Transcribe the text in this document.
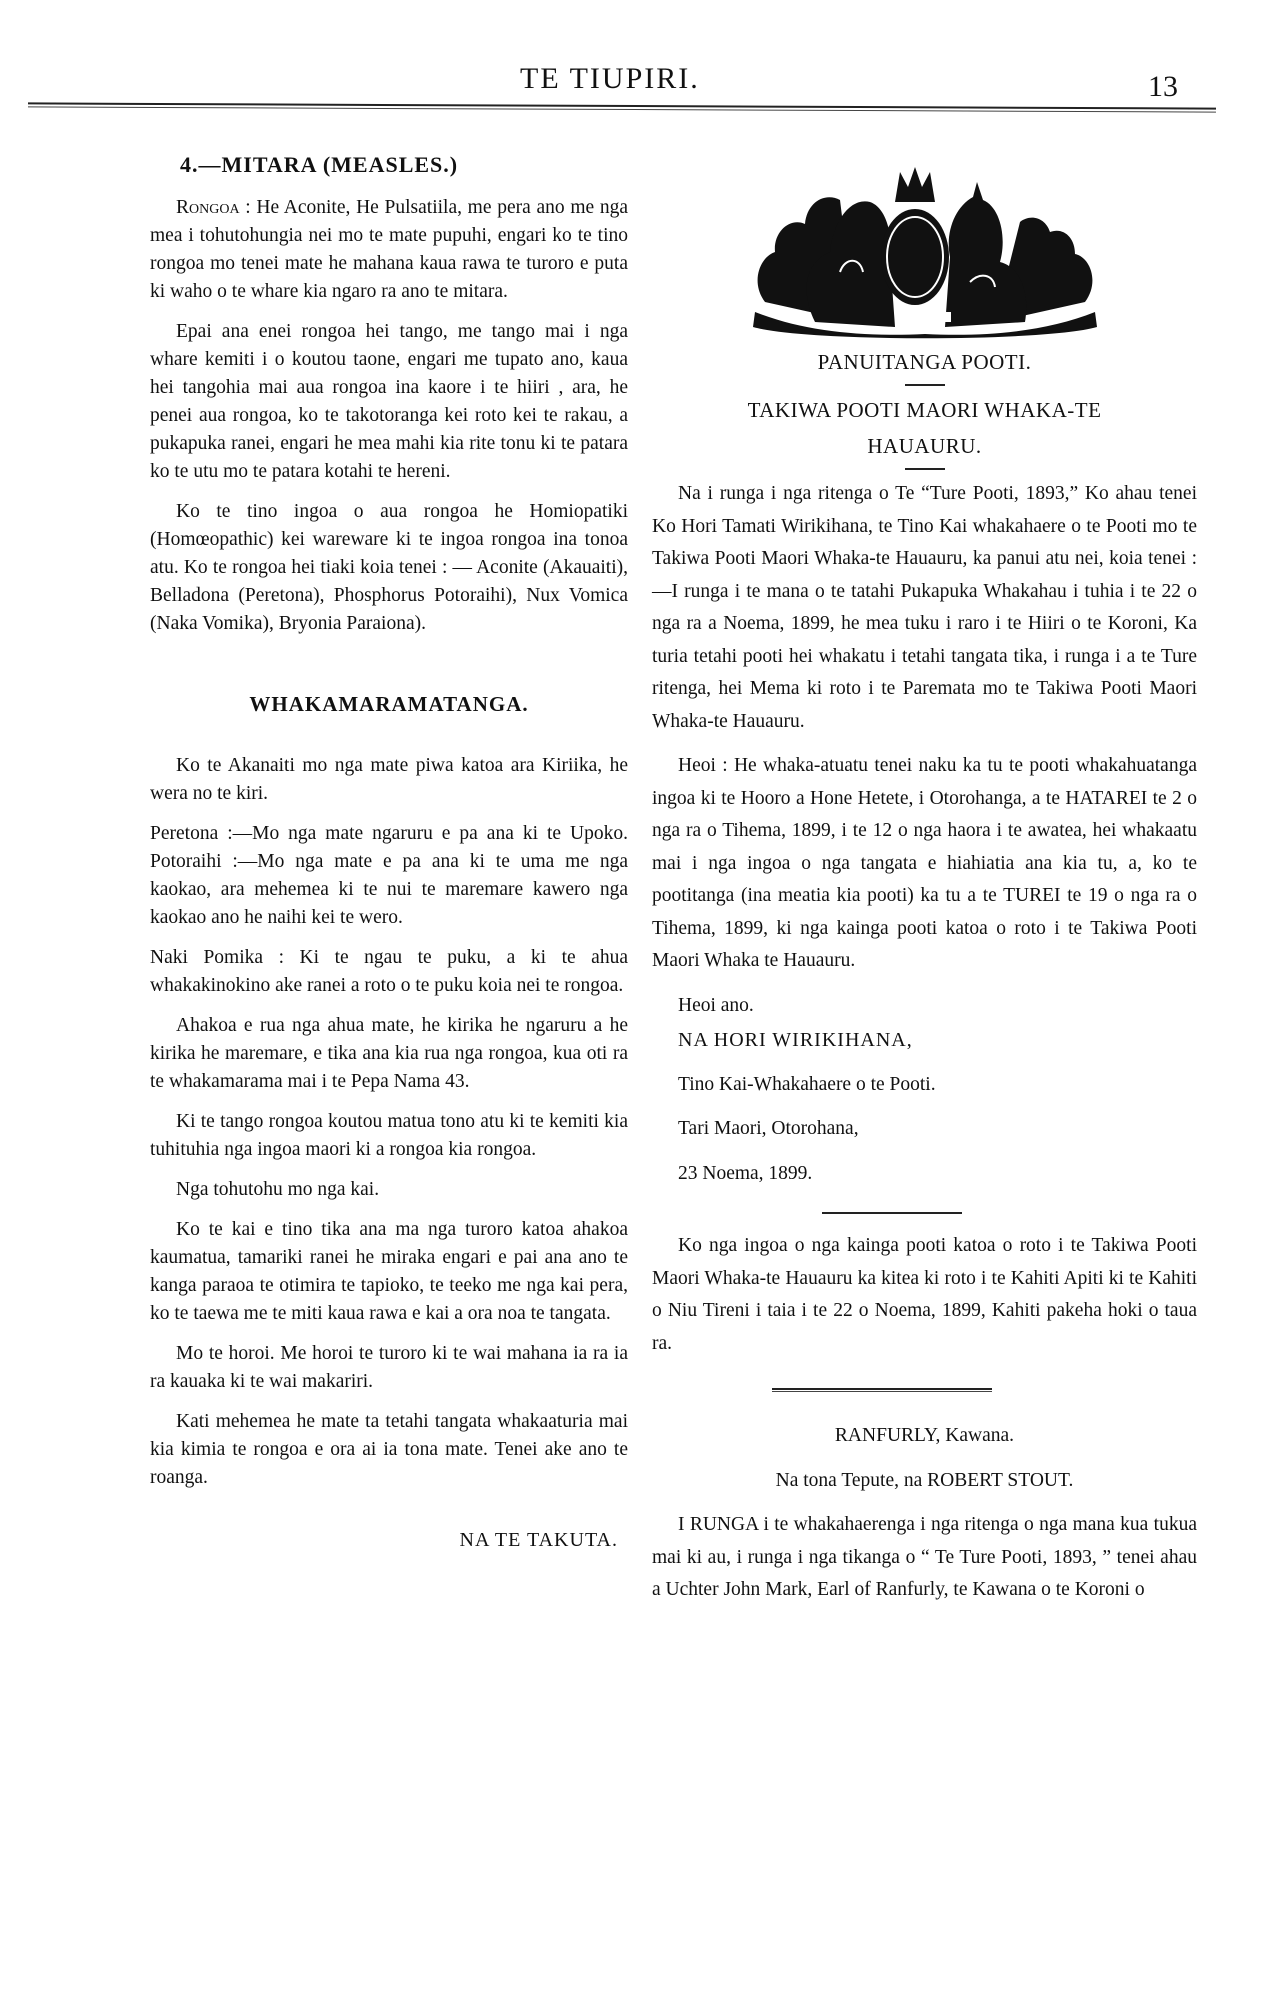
TE TIUPIRI.	13
4.—MITARA (MEASLES.)

Rongoa : He Aconite, He Pulsatiila, me pera ano me nga mea i tohutohungia nei mo te mate pupuhi, engari ko te tino rongoa mo tenei mate he mahana kaua rawa te turoro e puta ki waho o te whare kia ngaro ra ano te mitara.

Epai ana enei rongoa hei tango, me tango mai i nga whare kemiti i o koutou taone, engari me tupato ano, kaua hei tangohia mai aua rongoa ina kaore i te hiiri , ara, he penei aua rongoa, ko te takotoranga kei roto kei te rakau, a pukapuka ranei, engari he mea mahi kia rite tonu ki te patara ko te utu mo te patara kotahi te hereni.

Ko te tino ingoa o aua rongoa he Homiopatiki (Homœopathic) kei wareware ki te ingoa rongoa ina tonoa atu. Ko te rongoa hei tiaki koia tenei : — Aconite (Akauaiti), Belladona (Peretona), Phosphorus Potoraihi), Nux Vomica (Naka Vomika), Bryonia Paraiona).

WHAKAMARAMATANGA.

Ko te Akanaiti mo nga mate piwa katoa ara Kiriika, he wera no te kiri.

Peretona :—Mo nga mate ngaruru e pa ana ki te Upoko. Potoraihi :—Mo nga mate e pa ana ki te uma me nga kaokao, ara mehemea ki te nui te maremare kawero nga kaokao ano he naihi kei te wero.

Naki Pomika : Ki te ngau te puku, a ki te ahua whakakinokino ake ranei a roto o te puku koia nei te rongoa.

Ahakoa e rua nga ahua mate, he kirika he ngaruru a he kirika he maremare, e tika ana kia rua nga rongoa, kua oti ra te whakamarama mai i te Pepa Nama 43.

Ki te tango rongoa koutou matua tono atu ki te kemiti kia tuhituhia nga ingoa maori ki a rongoa kia rongoa.

Nga tohutohu mo nga kai.

Ko te kai e tino tika ana ma nga turoro katoa ahakoa kaumatua, tamariki ranei he miraka engari e pai ana ano te kanga paraoa te otimira te tapioko, te teeko me nga kai pera, ko te taewa me te miti kaua rawa e kai a ora noa te tangata.

Mo te horoi. Me horoi te turoro ki te wai mahana ia ra ia ra kauaka ki te wai makariri.

Kati mehemea he mate ta tetahi tangata whakaaturia mai kia kimia te rongoa e ora ai ia tona mate. Tenei ake ano te roanga.

NA TE TAKUTA.
PANUITANGA POOTI.
TAKIWA POOTI MAORI WHAKA-TE
HAUAURU.

Na i runga i nga ritenga o Te “Ture Pooti, 1893,” Ko ahau tenei Ko Hori Tamati Wirikihana, te Tino Kai whakahaere o te Pooti mo te Takiwa Pooti Maori Whaka-te Hauauru, ka panui atu nei, koia tenei :—I runga i te mana o te tatahi Pukapuka Whakahau i tuhia i te 22 o nga ra a Noema, 1899, he mea tuku i raro i te Hiiri o te Koroni, Ka turia tetahi pooti hei whakatu i tetahi tangata tika, i runga i a te Ture ritenga, hei Mema ki roto i te Paremata mo te Takiwa Pooti Maori Whaka-te Hauauru.

Heoi : He whaka-atuatu tenei naku ka tu te pooti whakahuatanga ingoa ki te Hooro a Hone Hetete, i Otorohanga, a te HATAREI te 2 o nga ra o Tihema, 1899, i te 12 o nga haora i te awatea, hei whakaatu mai i nga ingoa o nga tangata e hiahiatia ana kia tu, a, ko te pootitanga (ina meatia kia pooti) ka tu a te TUREI te 19 o nga ra o Tihema, 1899, ki nga kainga pooti katoa o roto i te Takiwa Pooti Maori Whaka te Hauauru.

Heoi ano.

NA HORI WIRIKIHANA,

Tino Kai-Whakahaere o te Pooti.

Tari Maori, Otorohana,

23 Noema, 1899.

Ko nga ingoa o nga kainga pooti katoa o roto i te Takiwa Pooti Maori Whaka-te Hauauru ka kitea ki roto i te Kahiti Apiti ki te Kahiti o Niu Tireni i taia i te 22 o Noema, 1899, Kahiti pakeha hoki o taua ra.

RANFURLY, Kawana.

Na tona Tepute, na ROBERT STOUT.

I RUNGA i te whakahaerenga i nga ritenga o nga mana kua tukua mai ki au, i runga i nga tikanga o “ Te Ture Pooti, 1893, ” tenei ahau a Uchter John Mark, Earl of Ranfurly, te Kawana o te Koroni o
